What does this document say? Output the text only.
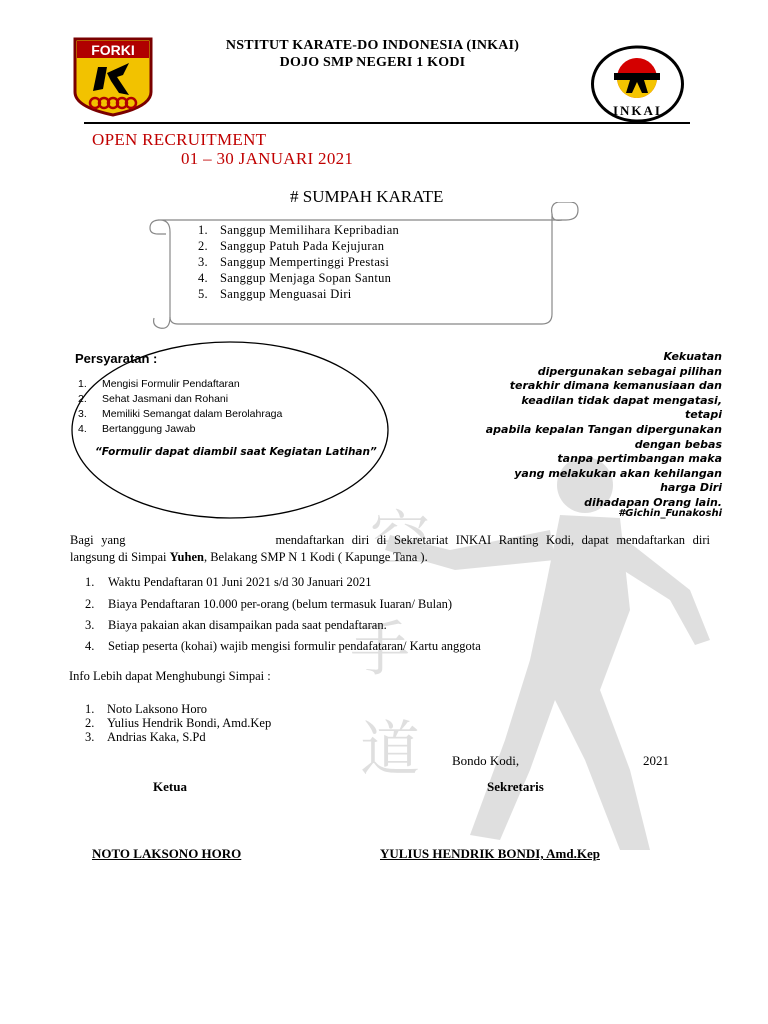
空
手
道
FORKI
INKAI
NSTITUT KARATE-DO INDONESIA (INKAI)
DOJO SMP NEGERI 1 KODI
OPEN RECRUITMENT
01 – 30 JANUARI 2021
# SUMPAH KARATE
1. Sanggup Memilihara Kepribadian
2. Sanggup Patuh Pada Kejujuran
3. Sanggup Mempertinggi Prestasi
4. Sanggup Menjaga Sopan Santun
5. Sanggup Menguasai Diri
Persyaratan :
1. Mengisi Formulir Pendaftaran
2. Sehat Jasmani dan Rohani
3. Memiliki Semangat dalam Berolahraga
4. Bertanggung Jawab
“Formulir dapat diambil saat Kegiatan Latihan”
Kekuatan
dipergunakan sebagai pilihan
terakhir dimana kemanusiaan dan
keadilan tidak dapat mengatasi,
tetapi
apabila kepalan Tangan dipergunakan
dengan bebas
tanpa pertimbangan maka
yang melakukan akan kehilangan
harga Diri
dihadapan Orang lain.
#Gichin_Funakoshi
Bagi yang	mendaftarkan diri di Sekretariat INKAI Ranting Kodi, dapat mendaftarkan diri langsung di Simpai Yuhen, Belakang SMP N 1 Kodi ( Kapunge Tana ).
1. Waktu Pendaftaran 01 Juni 2021 s/d 30 Januari 2021
2. Biaya Pendaftaran 10.000 per-orang (belum termasuk Iuaran/ Bulan)
3. Biaya pakaian akan disampaikan pada saat pendaftaran.
4. Setiap peserta (kohai) wajib mengisi formulir pendafataran/ Kartu anggota
Info Lebih dapat Menghubungi Simpai :
1. Noto Laksono Horo
2. Yulius Hendrik Bondi, Amd.Kep
3. Andrias Kaka, S.Pd
Bondo Kodi,	2021
Ketua	Sekretaris
NOTO LAKSONO HORO	YULIUS HENDRIK BONDI, Amd.Kep
